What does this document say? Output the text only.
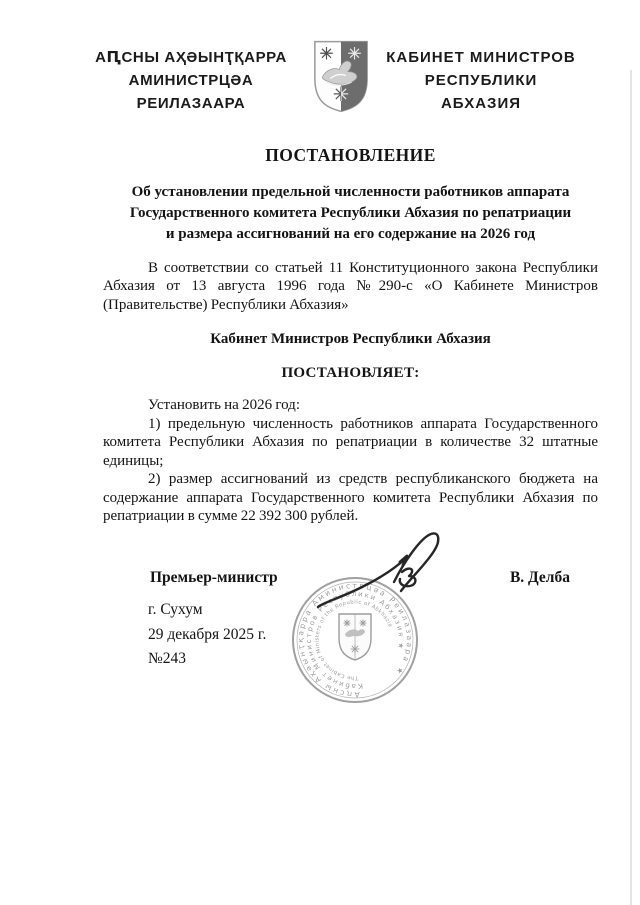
АԤСНЫ АҲӘЫНҬҚАРРА
АМИНИСТРЦӘА РЕИЛАЗААРА
КАБИНЕТ МИНИСТРОВ
РЕСПУБЛИКИ АБХАЗИЯ
ПОСТАНОВЛЕНИЕ
Об установлении предельной численности работников аппарата
Государственного комитета Республики Абхазия по репатриации
и размера ассигнований на его содержание на 2026 год
В соответствии со статьей 11 Конституционного закона Республики Абхазия от 13 августа 1996 года №290-с «О Кабинете Министров (Правительстве) Республики Абхазия»
Кабинет Министров Республики Абхазия
ПОСТАНОВЛЯЕТ:
Установить на 2026 год:
1) предельную численность работников аппарата Государственного комитета Республики Абхазия по репатриации в количестве 32 штатные единицы;
2) размер ассигнований из средств республиканского бюджета на содержание аппарата Государственного комитета Республики Абхазия по репатриации в сумме 22 392 300 рублей.
Премьер-министр	В. Делба
г. Сухум
29 декабря 2025 г.
№243
Аԥсны Аҳәынҭқарра Аминистрцәа Реилазаара ★
Кабинет Министров Республики Абхазия ★
The Cabinet of Ministers of the Republic of Abkhazia
